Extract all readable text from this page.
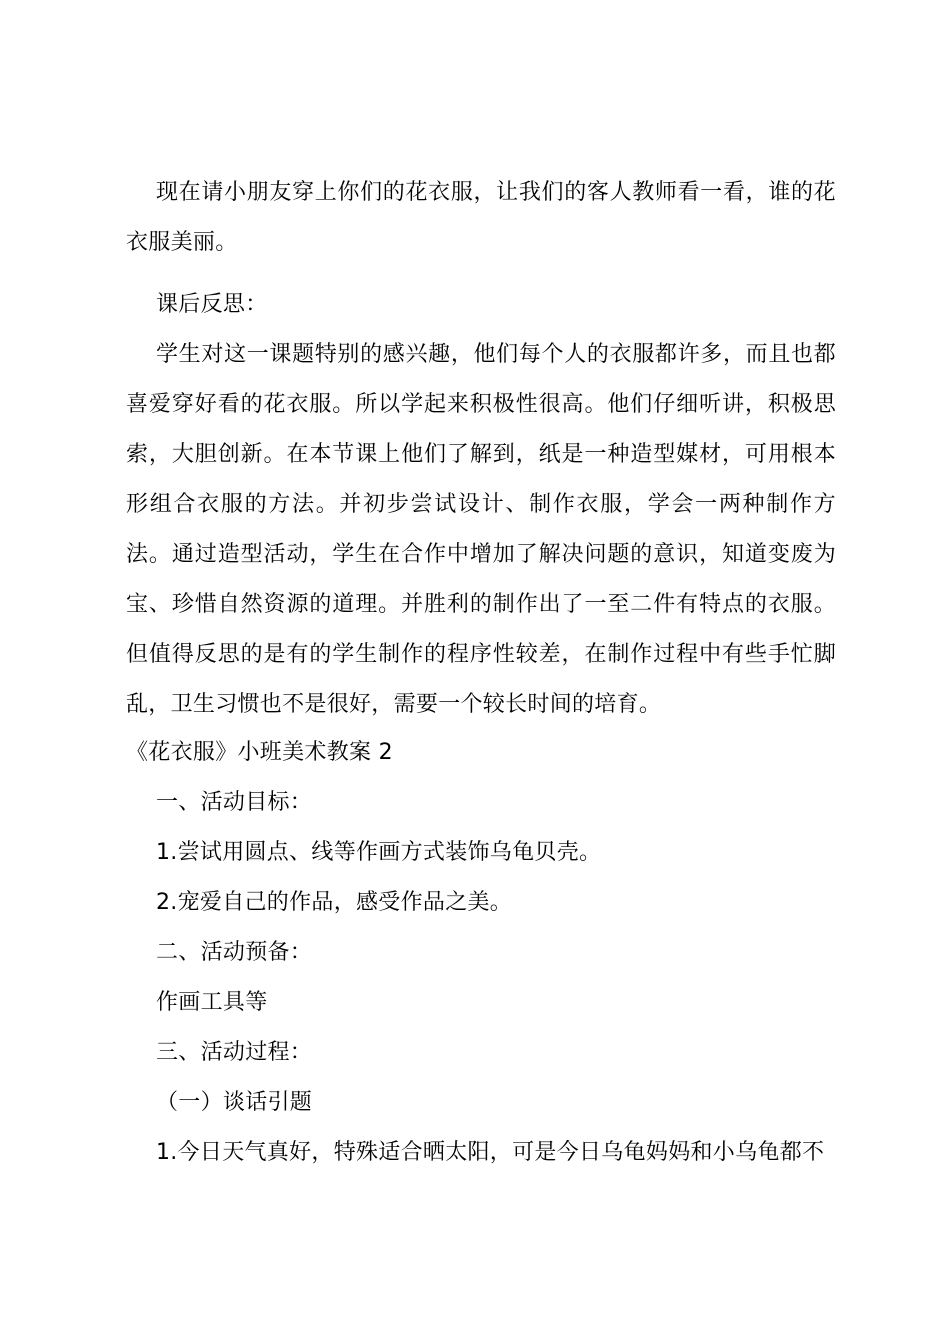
现在请小朋友穿上你们的花衣服，让我们的客人教师看一看，谁的花衣服美丽。

课后反思：

学生对这一课题特别的感兴趣，他们每个人的衣服都许多，而且也都喜爱穿好看的花衣服。所以学起来积极性很高。他们仔细听讲，积极思索，大胆创新。在本节课上他们了解到，纸是一种造型媒材，可用根本形组合衣服的方法。并初步尝试设计、制作衣服，学会一两种制作方法。通过造型活动，学生在合作中增加了解决问题的意识，知道变废为宝、珍惜自然资源的道理。并胜利的制作出了一至二件有特点的衣服。但值得反思的是有的学生制作的程序性较差，在制作过程中有些手忙脚乱，卫生习惯也不是很好，需要一个较长时间的培育。

《花衣服》小班美术教案 2

一、活动目标：

1.尝试用圆点、线等作画方式装饰乌龟贝壳。

2.宠爱自己的作品，感受作品之美。

二、活动预备：

作画工具等

三、活动过程：

（一）谈话引题

1.今日天气真好，特殊适合晒太阳，可是今日乌龟妈妈和小乌龟都不
